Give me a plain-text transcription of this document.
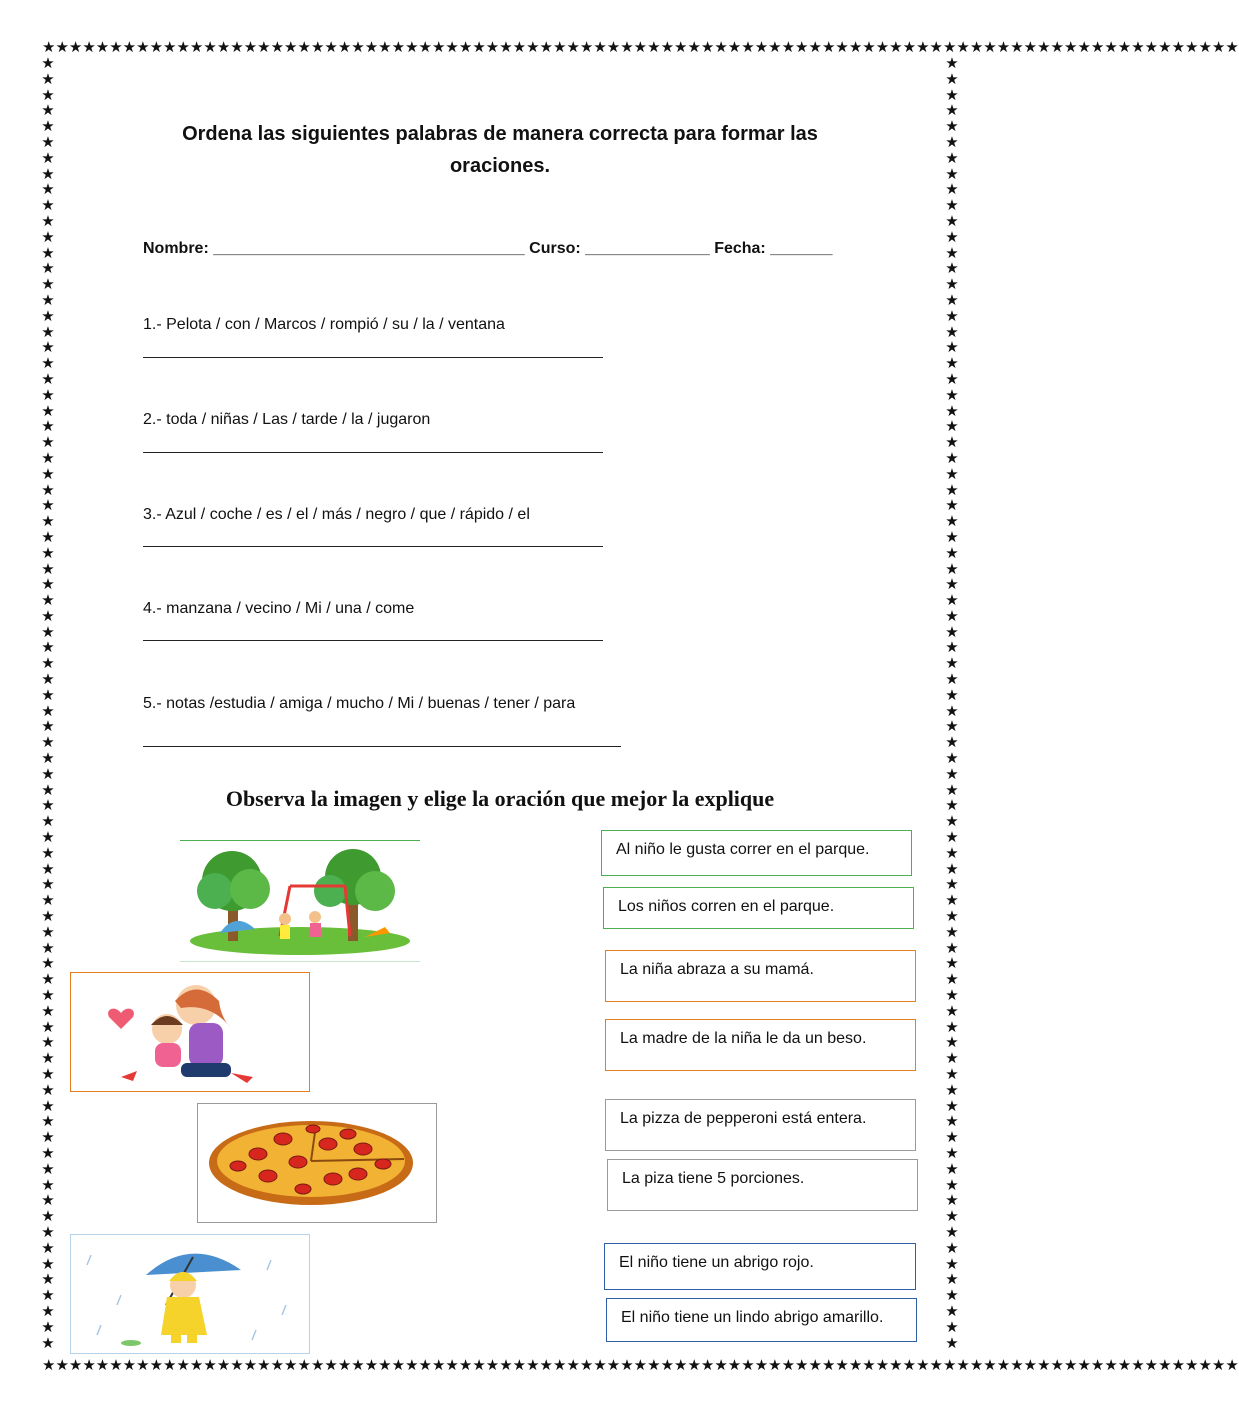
★★★★★★★★★★★★★★★★★★★★★★★★★★★★★★★★★★★★★★★★★★★★★★★★★★★★★★★★★★★★★★★★★★★★★★★★★★★★★★★★★★★★★★★★★
★★★★★★★★★★★★★★★★★★★★★★★★★★★★★★★★★★★★★★★★★★★★★★★★★★★★★★★★★★★★★★★★★★★★★★★★★★★★★★★★★★★★★★★★★
★
★
★
★
★
★
★
★
★
★
★
★
★
★
★
★
★
★
★
★
★
★
★
★
★
★
★
★
★
★
★
★
★
★
★
★
★
★
★
★
★
★
★
★
★
★
★
★
★
★
★
★
★
★
★
★
★
★
★
★
★
★
★
★
★
★
★
★
★
★
★
★
★
★
★
★
★
★
★
★
★
★
★
★
★
★
★
★
★
★
★
★
★
★
★
★
★
★
★
★
★
★
★
★
★
★
★
★
★
★
★
★
★
★
★
★
★
★
★
★
★
★
★
★
★
★
★
★
★
★
★
★
★
★
★
★
★
★
★
★
★
★
★
★
★
★
★
★
★
★
★
★
★
★
★
★
★
★
★
★
★
★
★
★
Ordena las siguientes palabras de manera correcta para formar las oraciones.
Nombre: ___________________________________ Curso: ______________ Fecha: _______
1.- Pelota / con / Marcos / rompió / su / la / ventana
2.- toda / niñas / Las / tarde / la / jugaron
3.- Azul / coche / es / el / más / negro / que / rápido / el
4.- manzana / vecino / Mi / una / come
5.- notas /estudia / amiga / mucho / Mi / buenas / tener / para
Observa la imagen y elige la oración que mejor la explique
Al niño le gusta correr en el parque.
Los niños corren en el parque.
La niña abraza a su mamá.
La madre de la niña le da un beso.
La pizza de pepperoni está entera.
La piza tiene 5 porciones.
El niño tiene un abrigo rojo.
El niño tiene un lindo abrigo amarillo.
